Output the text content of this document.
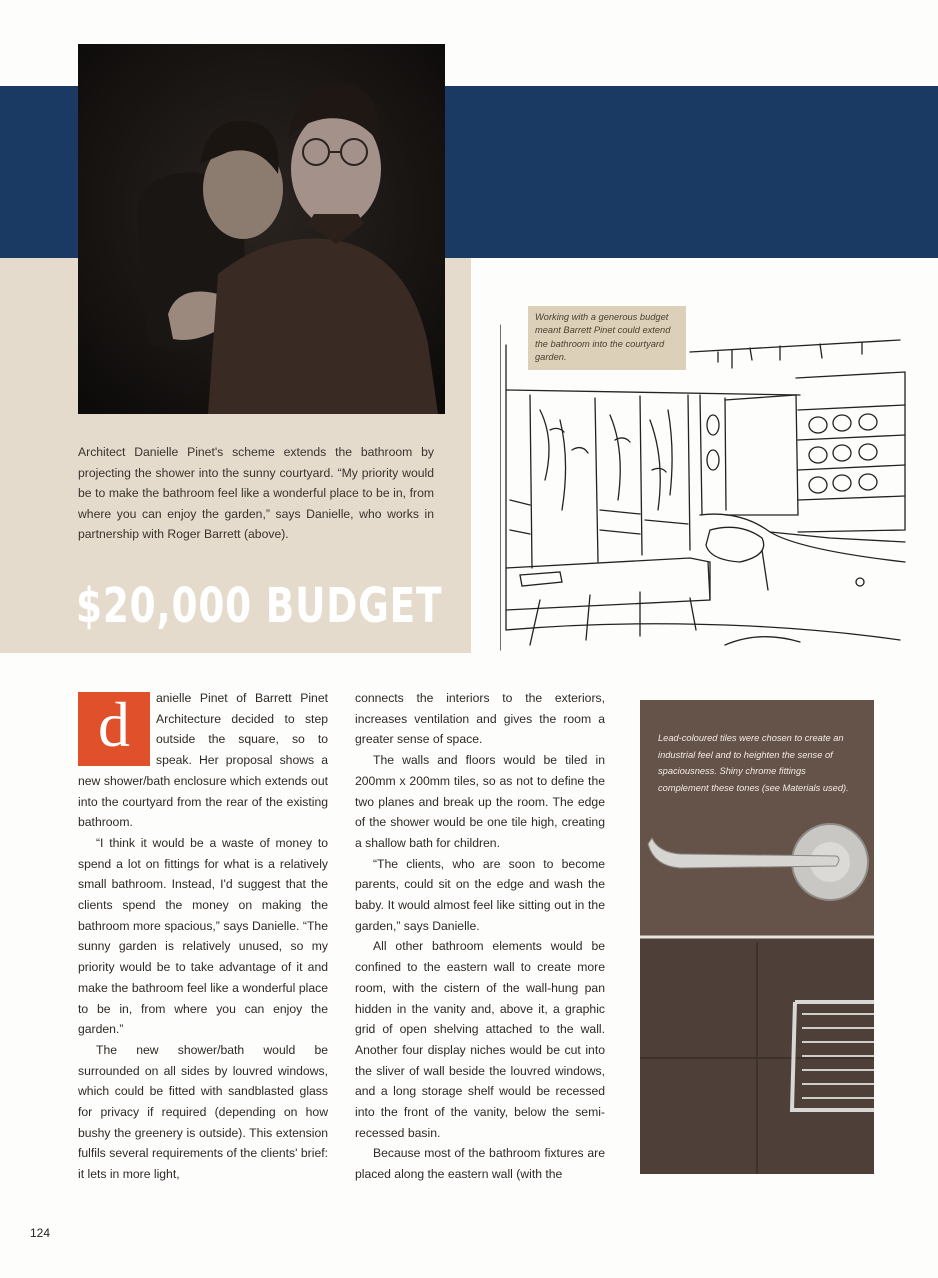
Architect Danielle Pinet's scheme extends the bathroom by projecting the shower into the sunny courtyard. “My priority would be to make the bathroom feel like a wonderful place to be in, from where you can enjoy the garden,” says Danielle, who works in partnership with Roger Barrett (above).

$20,000 BUDGET
Working with a generous budget meant Barrett Pinet could extend the bathroom into the courtyard garden.
d	anielle Pinet of Barrett Pinet Architecture decided to step outside the square, so to speak. Her proposal shows a new shower/bath enclosure which extends out into the courtyard from the rear of the existing bathroom.

“I think it would be a waste of money to spend a lot on fittings for what is a relatively small bathroom. Instead, I'd suggest that the clients spend the money on making the bathroom more spacious,” says Danielle. “The sunny garden is relatively unused, so my priority would be to take advantage of it and make the bathroom feel like a wonderful place to be in, from where you can enjoy the garden.”

The new shower/bath would be surrounded on all sides by louvred windows, which could be fitted with sandblasted glass for privacy if required (depending on how bushy the greenery is outside). This extension fulfils several requirements of the clients' brief: it lets in more light,

connects the interiors to the exteriors, increases ventilation and gives the room a greater sense of space.

The walls and floors would be tiled in 200mm x 200mm tiles, so as not to define the two planes and break up the room. The edge of the shower would be one tile high, creating a shallow bath for children.

“The clients, who are soon to become parents, could sit on the edge and wash the baby. It would almost feel like sitting out in the garden,” says Danielle.

All other bathroom elements would be confined to the eastern wall to create more room, with the cistern of the wall-hung pan hidden in the vanity and, above it, a graphic grid of open shelving attached to the wall. Another four display niches would be cut into the sliver of wall beside the louvred windows, and a long storage shelf would be recessed into the front of the vanity, below the semi-recessed basin.

Because most of the bathroom fixtures are placed along the eastern wall (with the

Lead-coloured tiles were chosen to create an industrial feel and to heighten the sense of spaciousness. Shiny chrome fittings complement these tones (see Materials used).
124
